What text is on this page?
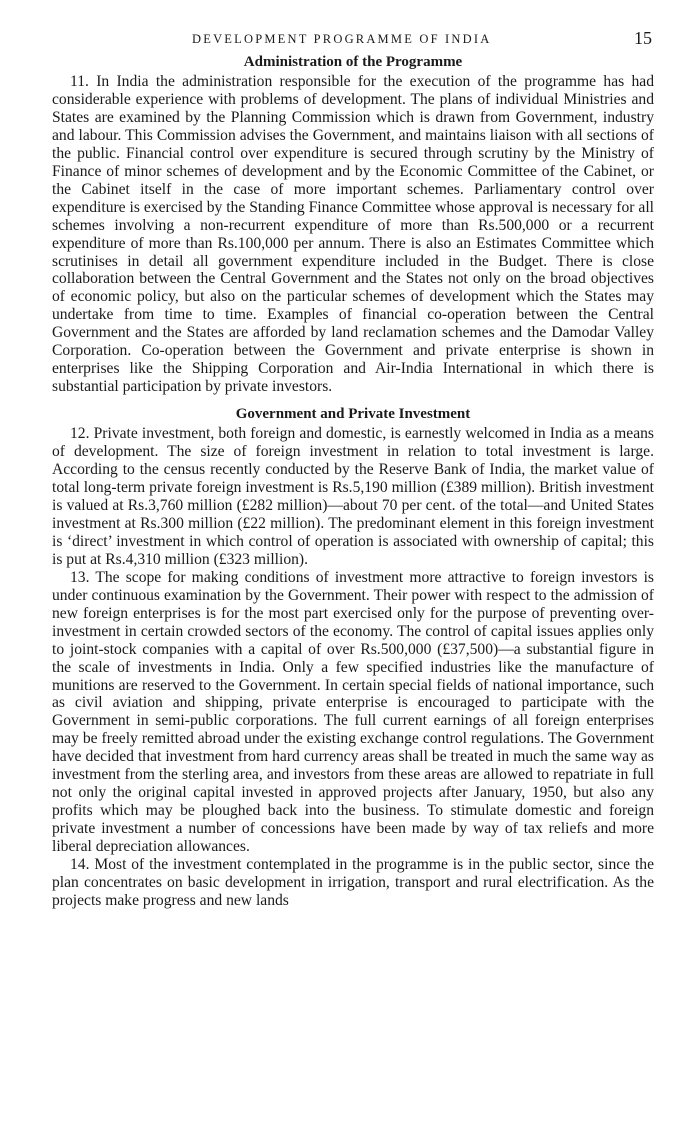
DEVELOPMENT PROGRAMME OF INDIA	15
Administration of the Programme

11. In India the administration responsible for the execution of the programme has had considerable experience with problems of development. The plans of individual Ministries and States are examined by the Planning Commission which is drawn from Government, industry and labour. This Commission advises the Government, and maintains liaison with all sections of the public. Financial control over expenditure is secured through scrutiny by the Ministry of Finance of minor schemes of development and by the Economic Committee of the Cabinet, or the Cabinet itself in the case of more important schemes. Parliamentary control over expenditure is exercised by the Standing Finance Committee whose approval is necessary for all schemes involving a non-recurrent expenditure of more than Rs.500,000 or a recurrent expenditure of more than Rs.100,000 per annum. There is also an Estimates Committee which scrutinises in detail all government expenditure included in the Budget. There is close collaboration between the Central Government and the States not only on the broad objectives of economic policy, but also on the particular schemes of development which the States may undertake from time to time. Examples of financial co-operation between the Central Government and the States are afforded by land reclamation schemes and the Damodar Valley Corporation. Co-operation between the Government and private enterprise is shown in enterprises like the Shipping Corporation and Air-India International in which there is substantial participation by private investors.

Government and Private Investment

12. Private investment, both foreign and domestic, is earnestly welcomed in India as a means of development. The size of foreign investment in relation to total investment is large. According to the census recently conducted by the Reserve Bank of India, the market value of total long-term private foreign investment is Rs.5,190 million (£389 million). British investment is valued at Rs.3,760 million (£282 million)—about 70 per cent. of the total—and United States investment at Rs.300 million (£22 million). The predominant element in this foreign investment is ‘direct’ investment in which control of operation is associated with ownership of capital; this is put at Rs.4,310 million (£323 million).

13. The scope for making conditions of investment more attractive to foreign investors is under continuous examination by the Government. Their power with respect to the admission of new foreign enterprises is for the most part exercised only for the purpose of preventing over-investment in certain crowded sectors of the economy. The control of capital issues applies only to joint-stock companies with a capital of over Rs.500,000 (£37,500)—a substantial figure in the scale of investments in India. Only a few specified industries like the manufacture of munitions are reserved to the Government. In certain special fields of national importance, such as civil aviation and shipping, private enterprise is encouraged to participate with the Government in semi-public corporations. The full current earnings of all foreign enterprises may be freely remitted abroad under the existing exchange control regulations. The Government have decided that investment from hard currency areas shall be treated in much the same way as investment from the sterling area, and investors from these areas are allowed to repatriate in full not only the original capital invested in approved projects after January, 1950, but also any profits which may be ploughed back into the business. To stimulate domestic and foreign private investment a number of concessions have been made by way of tax reliefs and more liberal depreciation allowances.

14. Most of the investment contemplated in the programme is in the public sector, since the plan concentrates on basic development in irrigation, transport and rural electrification. As the projects make progress and new lands
